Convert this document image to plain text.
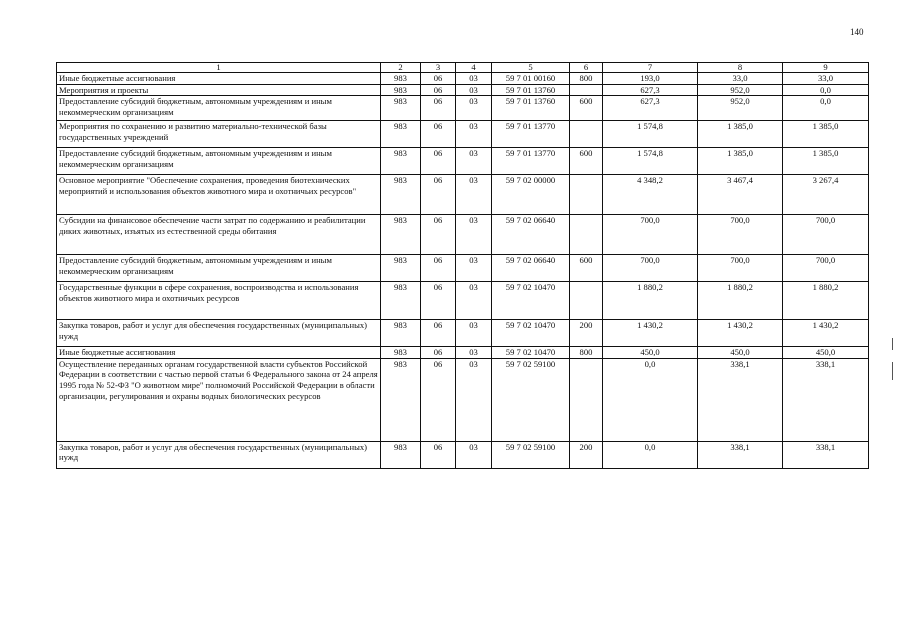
140
1	2	3	4	5	6	7	8	9
Иные бюджетные ассигнования	983	06	03	59 7 01 00160	800	193,0	33,0	33,0
Мероприятия и проекты	983	06	03	59 7 01 13760		627,3	952,0	0,0
Предоставление субсидий бюджетным, автономным учреждениям и иным некоммерческим организациям	983	06	03	59 7 01 13760	600	627,3	952,0	0,0
Мероприятия по сохранению и развитию материально-технической базы государственных учреждений	983	06	03	59 7 01 13770		1 574,8	1 385,0	1 385,0
Предоставление субсидий бюджетным, автономным учреждениям и иным некоммерческим организациям	983	06	03	59 7 01 13770	600	1 574,8	1 385,0	1 385,0
Основное мероприятие "Обеспечение сохранения, проведения биотехнических мероприятий и использования объектов животного мира и охотничьих ресурсов"	983	06	03	59 7 02 00000		4 348,2	3 467,4	3 267,4
Субсидии на финансовое обеспечение части затрат по содержанию и реабилитации диких животных, изъятых из естественной среды обитания	983	06	03	59 7 02 06640		700,0	700,0	700,0
Предоставление субсидий бюджетным, автономным учреждениям и иным некоммерческим организациям	983	06	03	59 7 02 06640	600	700,0	700,0	700,0
Государственные функции в сфере сохранения, воспроизводства и использования объектов животного мира и охотничьих ресурсов	983	06	03	59 7 02 10470		1 880,2	1 880,2	1 880,2
Закупка товаров, работ и услуг для обеспечения государственных (муниципальных) нужд	983	06	03	59 7 02 10470	200	1 430,2	1 430,2	1 430,2
Иные бюджетные ассигнования	983	06	03	59 7 02 10470	800	450,0	450,0	450,0
Осуществление переданных органам государственной власти субъектов Российской Федерации в соответствии с частью первой статьи 6 Федерального закона от 24 апреля 1995 года № 52-ФЗ "О животном мире" полномочий Российской Федерации в области организации, регулирования и охраны водных биологических ресурсов	983	06	03	59 7 02 59100		0,0	338,1	338,1
Закупка товаров, работ и услуг для обеспечения государственных (муниципальных) нужд	983	06	03	59 7 02 59100	200	0,0	338,1	338,1
